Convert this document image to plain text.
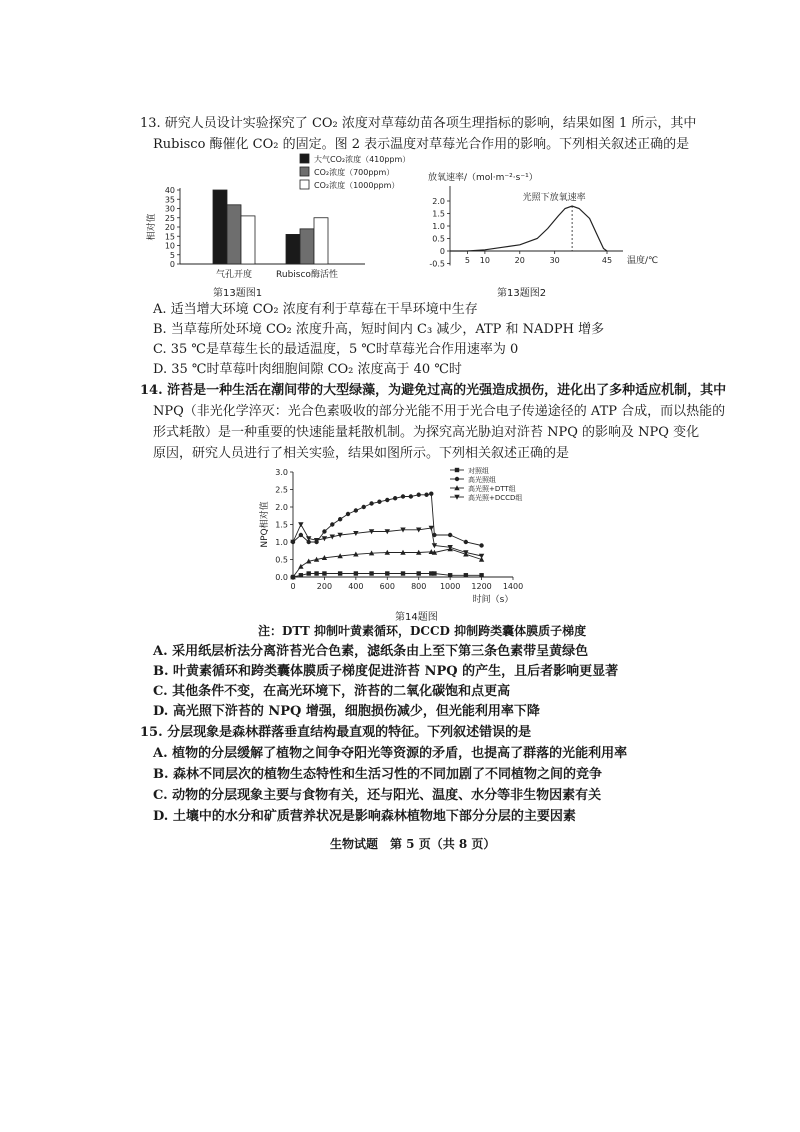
13. 研究人员设计实验探究了 CO₂ 浓度对草莓幼苗各项生理指标的影响，结果如图 1 所示，其中
Rubisco 酶催化 CO₂ 的固定。图 2 表示温度对草莓光合作用的影响。下列相关叙述正确的是
大气CO₂浓度（410ppm）
CO₂浓度（700ppm）
CO₂浓度（1000ppm）
0
5
10
15
20
25
30
35
40
相对值
气孔开度	Rubisco酶活性
第13题图1
放氧速率/（mol·m⁻²·s⁻¹）
-0.5
0
0.5
1.0
1.5
2.0
5 10	20	30	45 温度/℃
光照下放氧速率
第13题图2
A. 适当增大环境 CO₂ 浓度有利于草莓在干旱环境中生存
B. 当草莓所处环境 CO₂ 浓度升高，短时间内 C₃ 减少，ATP 和 NADPH 增多
C. 35 ℃是草莓生长的最适温度，5 ℃时草莓光合作用速率为 0
D. 35 ℃时草莓叶肉细胞间隙 CO₂ 浓度高于 40 ℃时
14. 浒苔是一种生活在潮间带的大型绿藻，为避免过高的光强造成损伤，进化出了多种适应机制，其中
NPQ（非光化学淬灭：光合色素吸收的部分光能不用于光合电子传递途径的 ATP 合成，而以热能的
形式耗散）是一种重要的快速能量耗散机制。为探究高光胁迫对浒苔 NPQ 的影响及 NPQ 变化
原因，研究人员进行了相关实验，结果如图所示。下列相关叙述正确的是
0.0
0.5
1.0
1.5
2.0
2.5
3.0
0	200 400 600 800 1000 1200 1400
时间（s）
NPQ相对值
对照组
高光照组
高光照+DTT组
高光照+DCCD组
第14题图
注：DTT 抑制叶黄素循环，DCCD 抑制跨类囊体膜质子梯度
A. 采用纸层析法分离浒苔光合色素，滤纸条由上至下第三条色素带呈黄绿色
B. 叶黄素循环和跨类囊体膜质子梯度促进浒苔 NPQ 的产生，且后者影响更显著
C. 其他条件不变，在高光环境下，浒苔的二氧化碳饱和点更高
D. 高光照下浒苔的 NPQ 增强，细胞损伤减少，但光能利用率下降
15. 分层现象是森林群落垂直结构最直观的特征。下列叙述错误的是
A. 植物的分层缓解了植物之间争夺阳光等资源的矛盾，也提高了群落的光能利用率
B. 森林不同层次的植物生态特性和生活习性的不同加剧了不同植物之间的竞争
C. 动物的分层现象主要与食物有关，还与阳光、温度、水分等非生物因素有关
D. 土壤中的水分和矿质营养状况是影响森林植物地下部分分层的主要因素
生物试题　第 5 页（共 8 页）
